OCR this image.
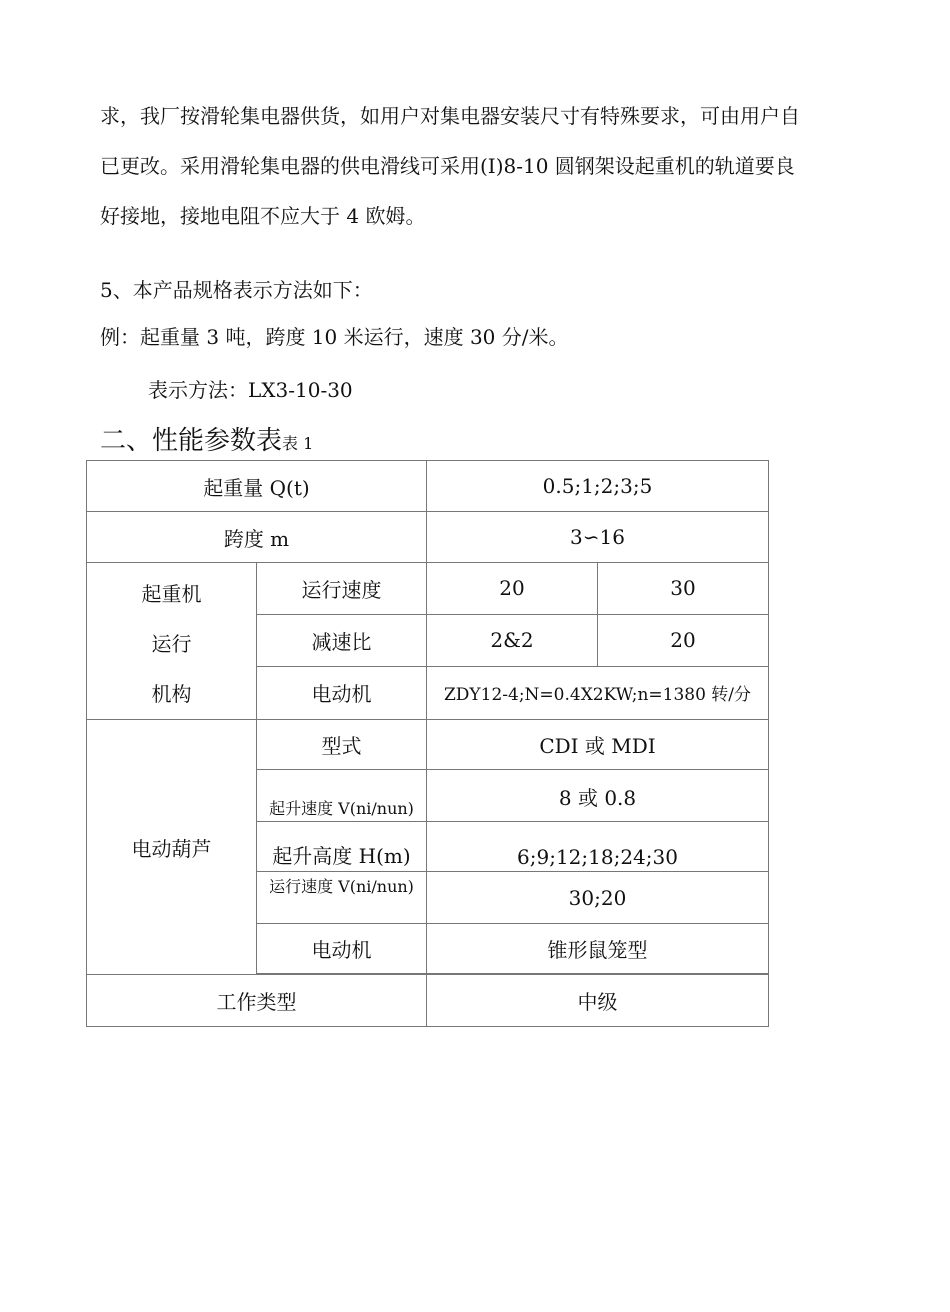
求，我厂按滑轮集电器供货，如用户对集电器安装尺寸有特殊要求，可由用户自
已更改。采用滑轮集电器的供电滑线可采用(I)8-10 圆钢架设起重机的轨道要良
好接地，接地电阻不应大于 4 欧姆。
5、本产品规格表示方法如下：
例：起重量 3 吨，跨度 10 米运行，速度 30 分/米。
表示方法：LX3-10-30
二、性能参数表表 1
起重量 Q(t)		0.5;1;2;3;5	
跨度 m		3∽16	

起重机
运行
机构	运行速度	20	30
	减速比	2&2	20
	电动机	ZDY12-4;N=0.4X2KW;n=1380 转/分	
电动葫芦	型式	CDI 或 MDI	
	起升速度 V(ni/nun)	8 或 0.8	
	起升高度 H(m)	6;9;12;18;24;30	
	运行速度 V(ni/nun)	30;20	
	电动机	锥形鼠笼型	

工作类型		中级	
